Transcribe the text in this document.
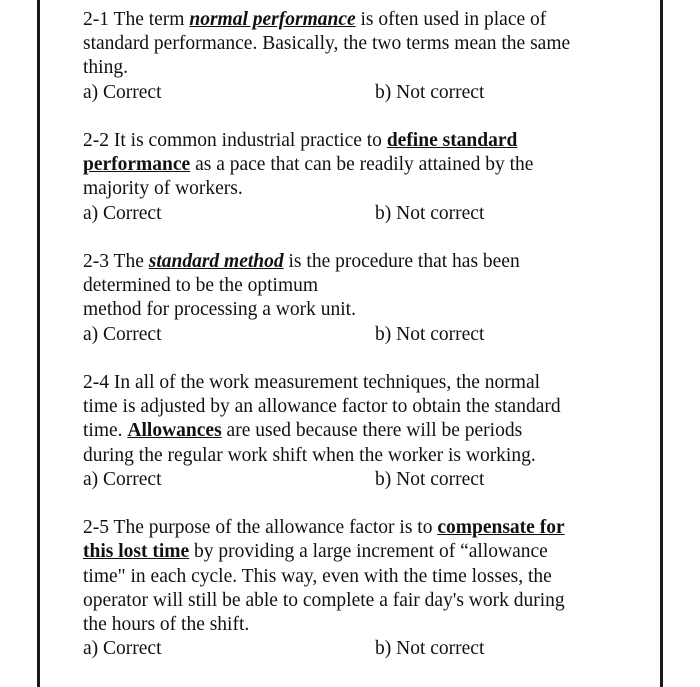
2-1 The term normal performance is often used in place of
standard performance. Basically, the two terms mean the same
thing.
a) Correct	b) Not correct
2-2 It is common industrial practice to define standard
performance as a pace that can be readily attained by the
majority of workers.
a) Correct	b) Not correct
2-3 The standard method is the procedure that has been
determined to be the optimum
method for processing a work unit.
a) Correct	b) Not correct
2-4 In all of the work measurement techniques, the normal
time is adjusted by an allowance factor to obtain the standard
time. Allowances are used because there will be periods
during the regular work shift when the worker is working.
a) Correct	b) Not correct
2-5 The purpose of the allowance factor is to compensate for
this lost time by providing a large increment of “allowance
time" in each cycle. This way, even with the time losses, the
operator will still be able to complete a fair day's work during
the hours of the shift.
a) Correct	b) Not correct
